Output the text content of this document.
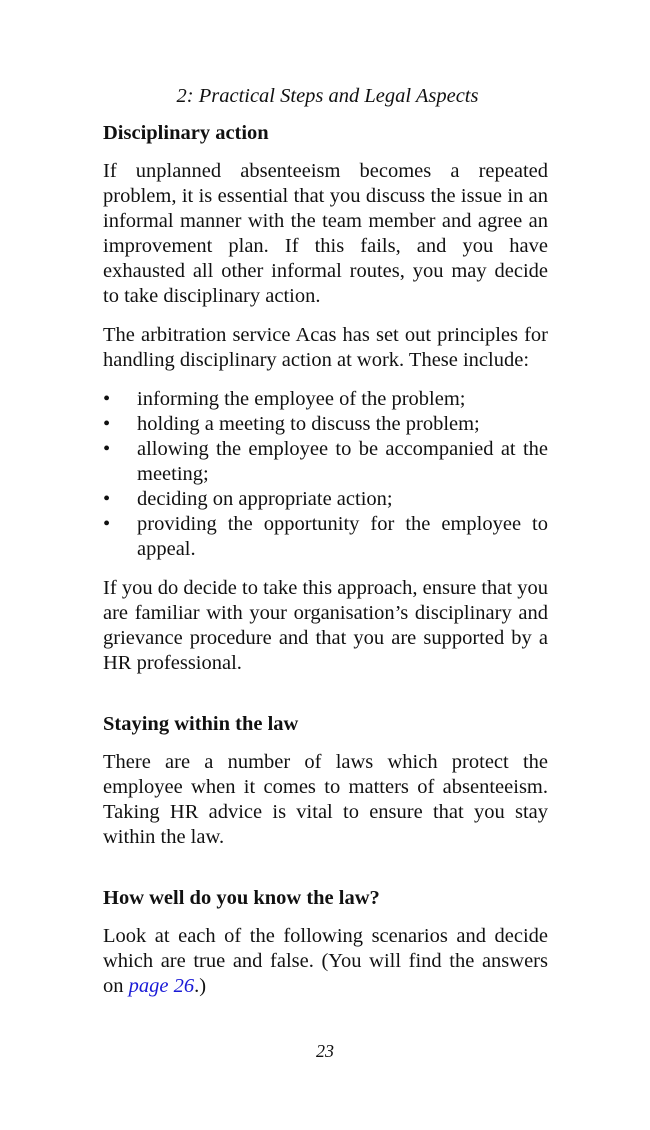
2: Practical Steps and Legal Aspects
Disciplinary action

If unplanned absenteeism becomes a repeated problem, it is essential that you discuss the issue in an informal manner with the team member and agree an improvement plan. If this fails, and you have exhausted all other informal routes, you may decide to take disciplinary action.

The arbitration service Acas has set out principles for handling disciplinary action at work. These include:

• informing the employee of the problem;
• holding a meeting to discuss the problem;
• allowing the employee to be accompanied at the meeting;
• deciding on appropriate action;
• providing the opportunity for the employee to appeal.

If you do decide to take this approach, ensure that you are familiar with your organisation’s disciplinary and grievance procedure and that you are supported by a HR professional.

Staying within the law

There are a number of laws which protect the employee when it comes to matters of absenteeism. Taking HR advice is vital to ensure that you stay within the law.

How well do you know the law?

Look at each of the following scenarios and decide which are true and false. (You will find the answers on page 26.)

23
